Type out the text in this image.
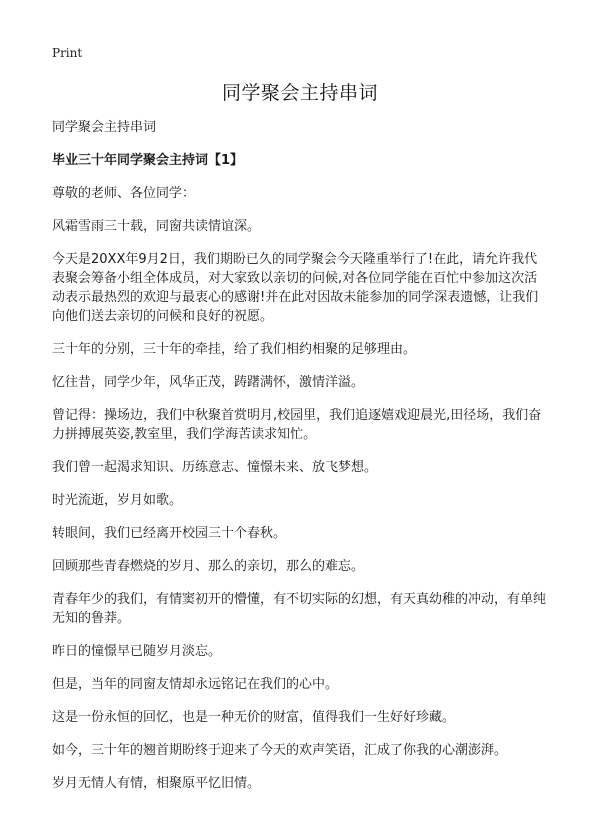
Print
同学聚会主持串词

同学聚会主持串词

毕业三十年同学聚会主持词【1】

尊敬的老师、各位同学：

风霜雪雨三十载，同窗共读情谊深。

今天是20XX年9月2日，我们期盼已久的同学聚会今天隆重举行了!在此，请允许我代表聚会筹备小组全体成员，对大家致以亲切的问候,对各位同学能在百忙中参加这次活动表示最热烈的欢迎与最衷心的感谢!并在此对因故未能参加的同学深表遗憾，让我们向他们送去亲切的问候和良好的祝愿。

三十年的分别，三十年的牵挂，给了我们相约相聚的足够理由。

忆往昔，同学少年，风华正茂，踌躇满怀，激情洋溢。

曾记得：操场边，我们中秋聚首赏明月,校园里，我们追逐嬉戏迎晨光,田径场，我们奋力拼搏展英姿,教室里，我们学海苦读求知忙。

我们曾一起渴求知识、历练意志、憧憬未来、放飞梦想。

时光流逝，岁月如歌。

转眼间，我们已经离开校园三十个春秋。

回顾那些青春燃烧的岁月、那么的亲切，那么的难忘。

青春年少的我们，有情窦初开的懵懂，有不切实际的幻想，有天真幼稚的冲动，有单纯无知的鲁莽。

昨日的憧憬早已随岁月淡忘。

但是，当年的同窗友情却永远铭记在我们的心中。

这是一份永恒的回忆，也是一种无价的财富，值得我们一生好好珍藏。

如今，三十年的翘首期盼终于迎来了今天的欢声笑语，汇成了你我的心潮澎湃。

岁月无情人有情，相聚原平忆旧情。
